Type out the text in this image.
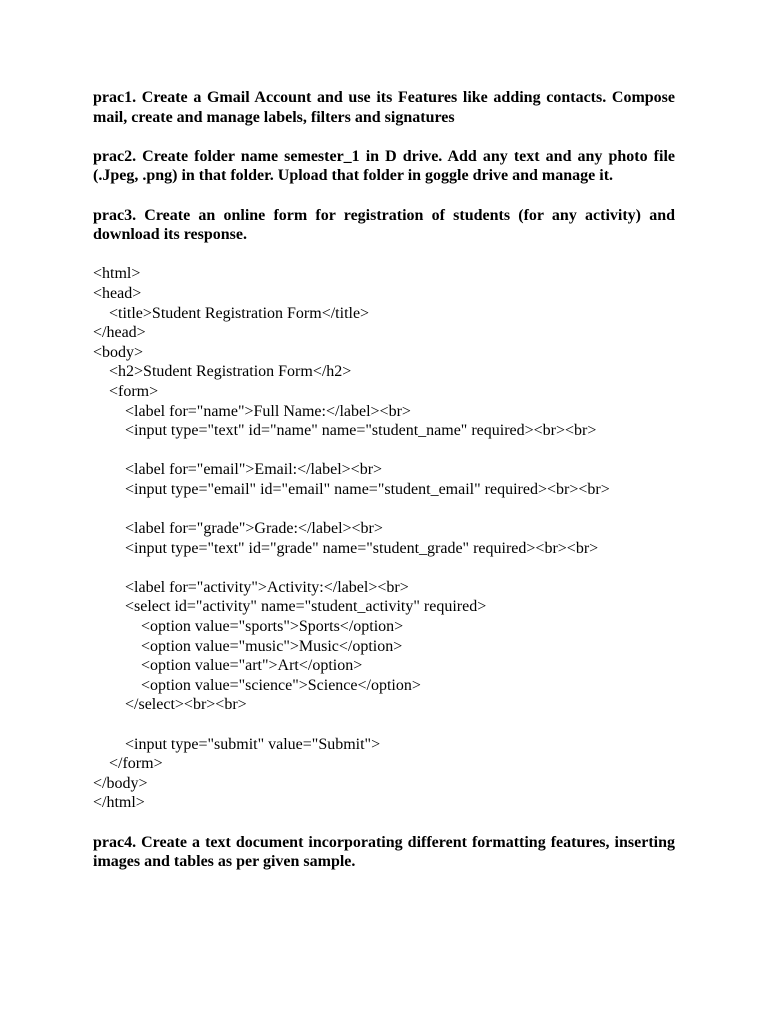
prac1. Create a Gmail Account and use its Features like adding contacts. Compose mail, create and manage labels, filters and signatures

prac2. Create folder name semester_1 in D drive. Add any text and any photo file (.Jpeg, .png) in that folder. Upload that folder in goggle drive and manage it.

prac3. Create an online form for registration of students (for any activity) and download its response.

<html>
<head>
<title>Student Registration Form</title>
</head>
<body>
<h2>Student Registration Form</h2>
<form>
<label for="name">Full Name:</label><br>
<input type="text" id="name" name="student_name" required><br><br>
<label for="email">Email:</label><br>
<input type="email" id="email" name="student_email" required><br><br>
<label for="grade">Grade:</label><br>
<input type="text" id="grade" name="student_grade" required><br><br>
<label for="activity">Activity:</label><br>
<select id="activity" name="student_activity" required>
<option value="sports">Sports</option>
<option value="music">Music</option>
<option value="art">Art</option>
<option value="science">Science</option>
</select><br><br>
<input type="submit" value="Submit">
</form>
</body>
</html>

prac4. Create a text document incorporating different formatting features, inserting images and tables as per given sample.
